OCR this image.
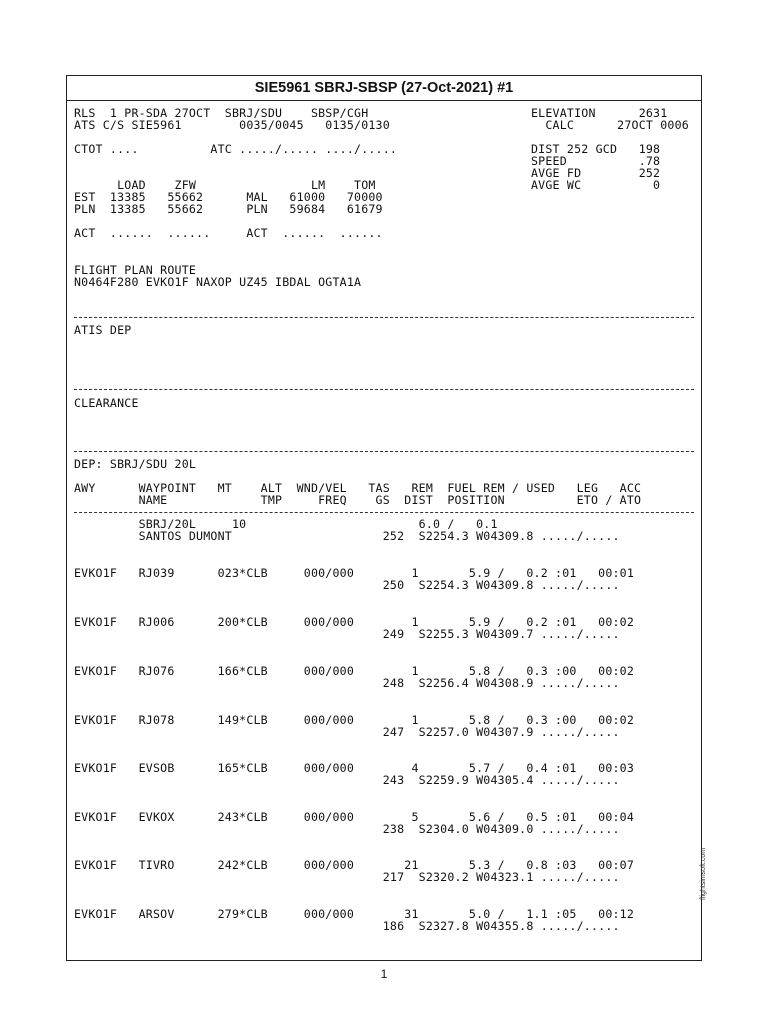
SIE5961 SBRJ-SBSP (27-Oct-2021) #1
RLS  1 PR-SDA 27OCT  SBRJ/SDU    SBSP/CGH
ATS C/S SIE5961        0035/0045   0135/0130
CTOT ....          ATC ...../..... ..../.....
LOAD    ZFW                LM    TOM
EST  13385   55662      MAL   61000   70000
PLN  13385   55662      PLN   59684   61679
ACT  ......  ......     ACT  ......  ......
ELEVATION      2631
CALC      27OCT 0006
DIST 252 GCD   198
SPEED          .78
AVGE FD        252
AVGE WC          0
FLIGHT PLAN ROUTE
N0464F280 EVKO1F NAXOP UZ45 IBDAL OGTA1A
ATIS DEP
CLEARANCE
DEP: SBRJ/SDU 20L
AWY      WAYPOINT   MT    ALT  WND/VEL   TAS   REM  FUEL REM / USED   LEG   ACC
NAME             TMP     FREQ    GS  DIST  POSITION          ETO / ATO
SBRJ/20L     10                        6.0 /   0.1
SANTOS DUMONT                     252  S2254.3 W04309.8 ...../.....
EVKO1F   RJ039      023*CLB     000/000        1       5.9 /   0.2 :01   00:01
250  S2254.3 W04309.8 ...../.....
EVKO1F   RJ006      200*CLB     000/000        1       5.9 /   0.2 :01   00:02
249  S2255.3 W04309.7 ...../.....
EVKO1F   RJ076      166*CLB     000/000        1       5.8 /   0.3 :00   00:02
248  S2256.4 W04308.9 ...../.....
EVKO1F   RJ078      149*CLB     000/000        1       5.8 /   0.3 :00   00:02
247  S2257.0 W04307.9 ...../.....
EVKO1F   EVSOB      165*CLB     000/000        4       5.7 /   0.4 :01   00:03
243  S2259.9 W04305.4 ...../.....
EVKO1F   EVKOX      243*CLB     000/000        5       5.6 /   0.5 :01   00:04
238  S2304.0 W04309.0 ...../.....
EVKO1F   TIVRO      242*CLB     000/000       21       5.3 /   0.8 :03   00:07
217  S2320.2 W04323.1 ...../.....
EVKO1F   ARSOV      279*CLB     000/000       31       5.0 /   1.1 :05   00:12
186  S2327.8 W04355.8 ...../.....
flightsimsoft.com
1
